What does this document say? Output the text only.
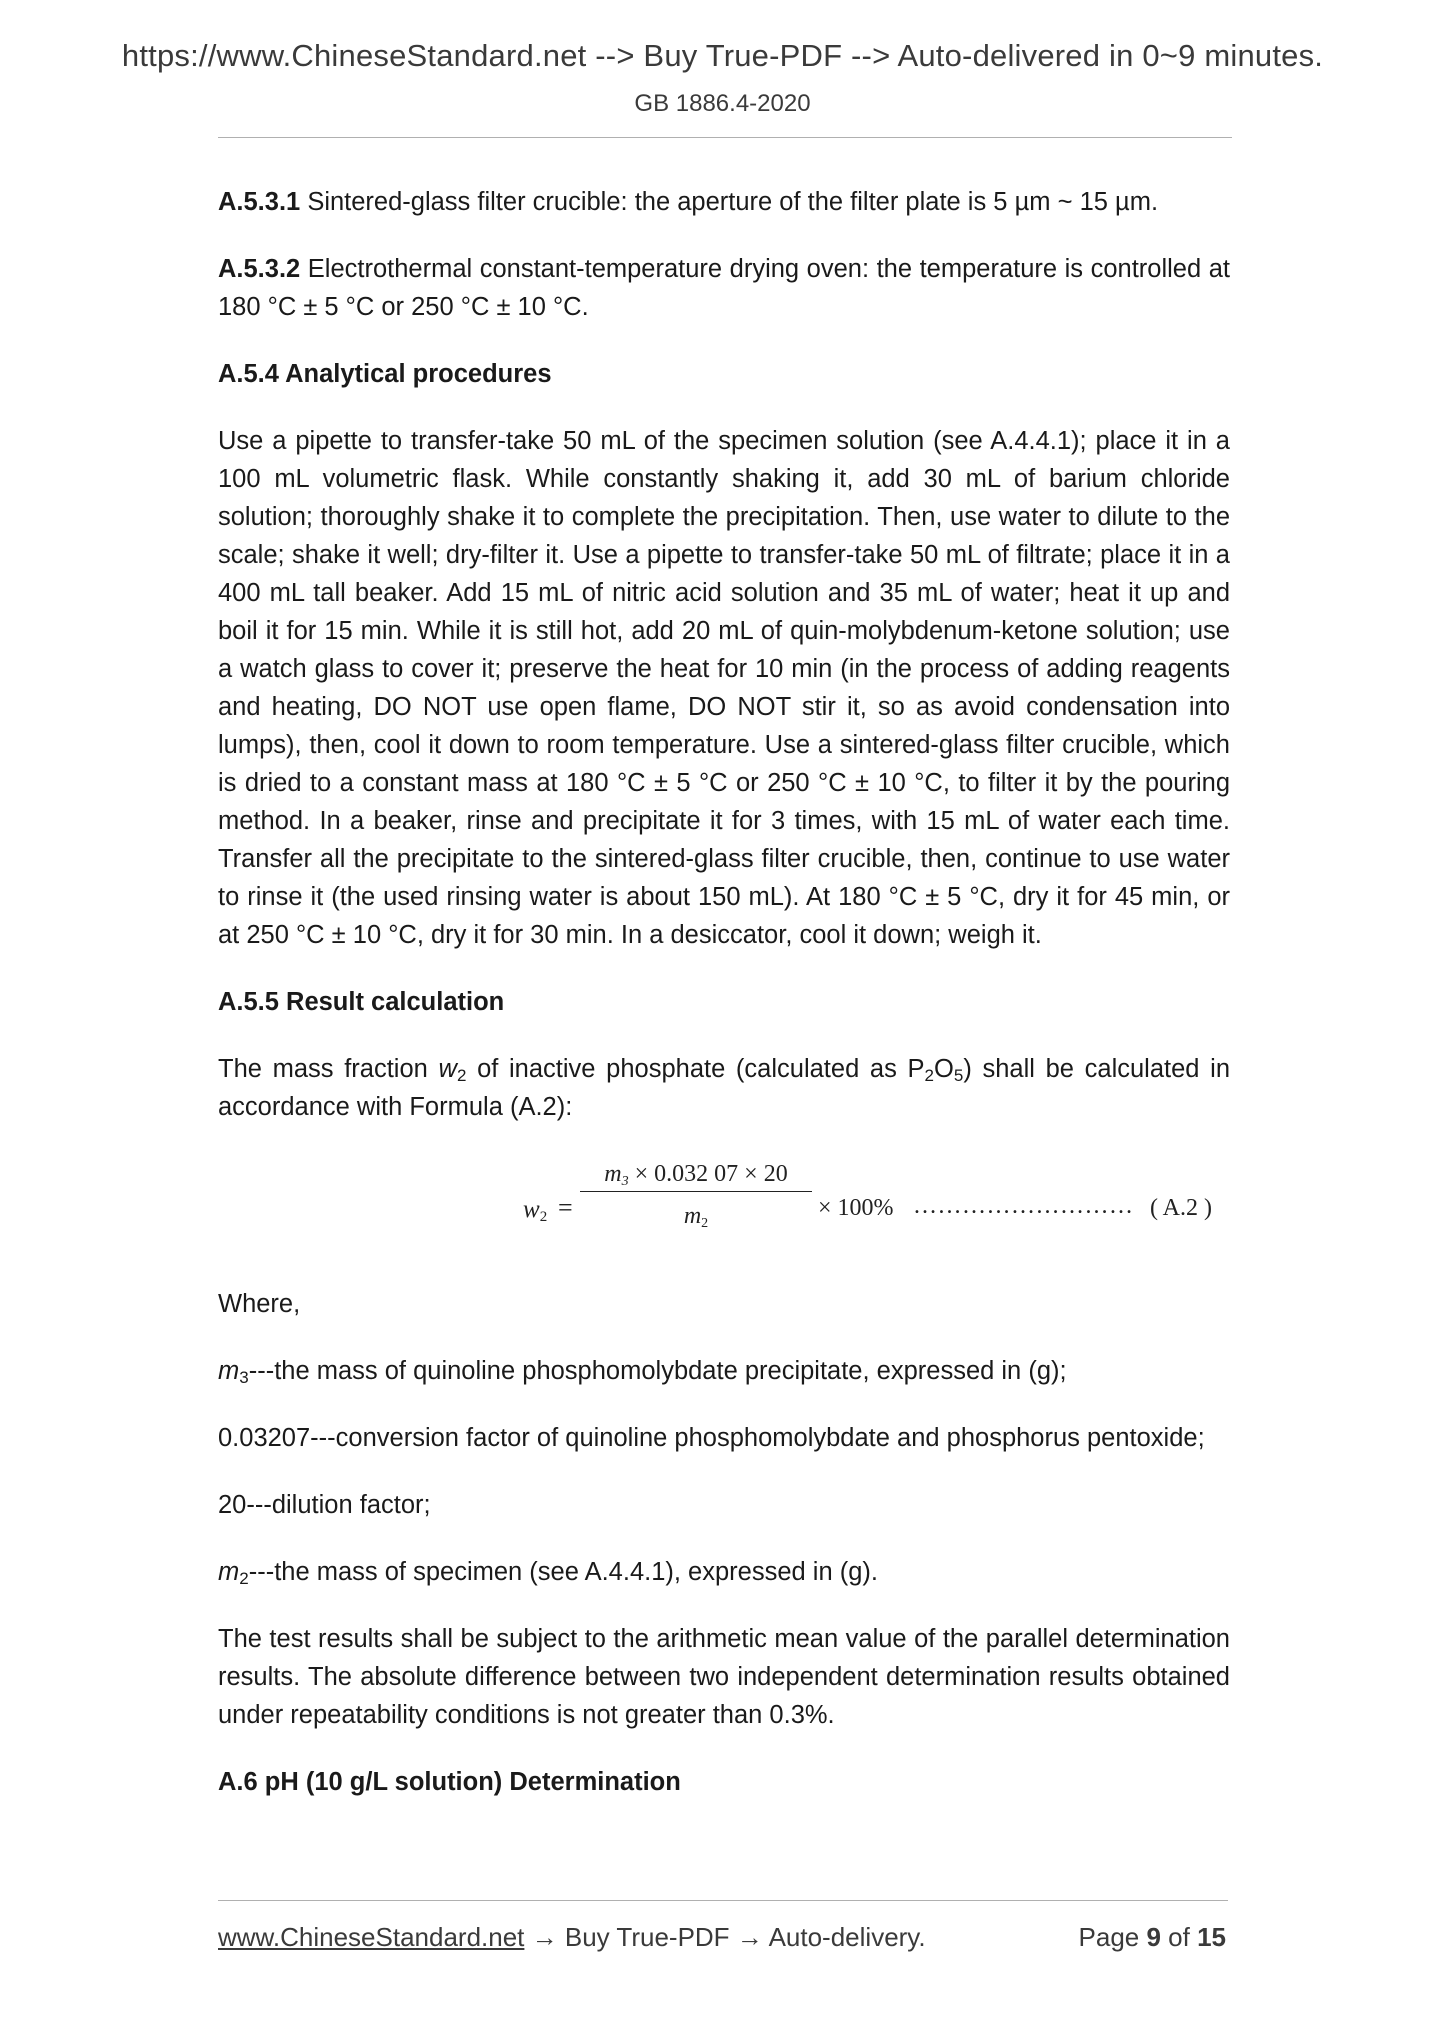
https://www.ChineseStandard.net --> Buy True-PDF --> Auto-delivered in 0~9 minutes.
GB 1886.4-2020

A.5.3.1 Sintered-glass filter crucible: the aperture of the filter plate is 5 µm ~ 15 µm.

A.5.3.2 Electrothermal constant-temperature drying oven: the temperature is controlled at 180 °C ± 5 °C or 250 °C ± 10 °C.

A.5.4 Analytical procedures

Use a pipette to transfer-take 50 mL of the specimen solution (see A.4.4.1); place it in a 100 mL volumetric flask. While constantly shaking it, add 30 mL of barium chloride solution; thoroughly shake it to complete the precipitation. Then, use water to dilute to the scale; shake it well; dry-filter it. Use a pipette to transfer-take 50 mL of filtrate; place it in a 400 mL tall beaker. Add 15 mL of nitric acid solution and 35 mL of water; heat it up and boil it for 15 min. While it is still hot, add 20 mL of quin-molybdenum-ketone solution; use a watch glass to cover it; preserve the heat for 10 min (in the process of adding reagents and heating, DO NOT use open flame, DO NOT stir it, so as avoid condensation into lumps), then, cool it down to room temperature. Use a sintered-glass filter crucible, which is dried to a constant mass at 180 °C ± 5 °C or 250 °C ± 10 °C, to filter it by the pouring method. In a beaker, rinse and precipitate it for 3 times, with 15 mL of water each time. Transfer all the precipitate to the sintered-glass filter crucible, then, continue to use water to rinse it (the used rinsing water is about 150 mL). At 180 °C ± 5 °C, dry it for 45 min, or at 250 °C ± 10 °C, dry it for 30 min. In a desiccator, cool it down; weigh it.

A.5.5 Result calculation

The mass fraction $w_2$ of inactive phosphate (calculated as $P_2O_5$) shall be calculated in accordance with Formula (A.2):

$w_2$ =
$m_3 \times 0.032$ 07 × 20
$m_2$
× 100% ……………………… ( A.2 )

Where,

$m_3--$-the mass of quinoline phosphomolybdate precipitate, expressed in (g);

0.03207---conversion factor of quinoline phosphomolybdate and phosphorus pentoxide;

20---dilution factor;

$m_2--$-the mass of specimen (see A.4.4.1), expressed in (g).

The test results shall be subject to the arithmetic mean value of the parallel determination results. The absolute difference between two independent determination results obtained under repeatability conditions is not greater than 0.3%.

A.6 pH (10 g/L solution) Determination

www.ChineseStandard.net → Buy True-PDF → Auto-delivery.	Page 9 of 15
